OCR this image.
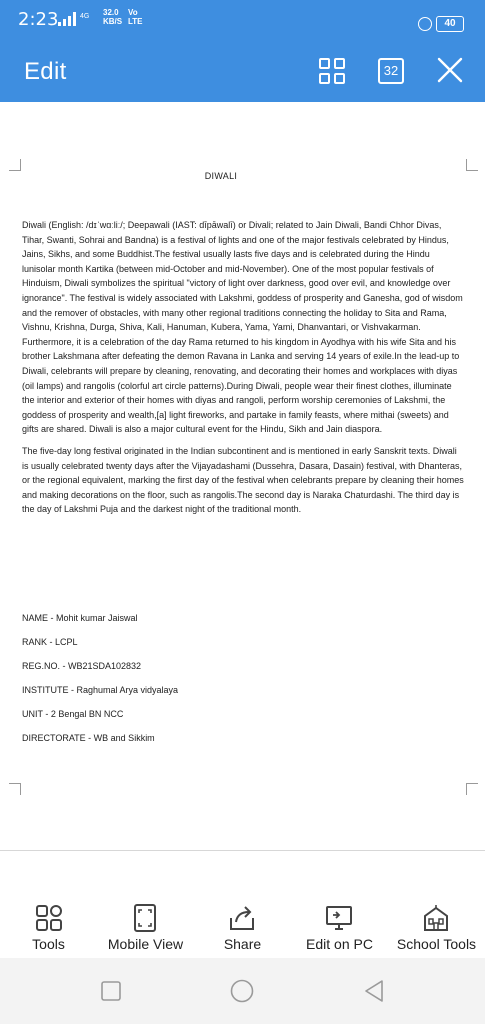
2:23	4G 32.0
KB/S
Vo
LTE	40
Edit	32
DIWALI

Diwali (English: /dɪˈwɑːliː/; Deepawali (IAST: dīpāwalī) or Divali; related to Jain Diwali, Bandi Chhor Divas, Tihar, Swanti, Sohrai and Bandna) is a festival of lights and one of the major festivals celebrated by Hindus, Jains, Sikhs, and some Buddhist.The festival usually lasts five days and is celebrated during the Hindu lunisolar month Kartika (between mid-October and mid-November). One of the most popular festivals of Hinduism, Diwali symbolizes the spiritual "victory of light over darkness, good over evil, and knowledge over ignorance". The festival is widely associated with Lakshmi, goddess of prosperity and Ganesha, god of wisdom and the remover of obstacles, with many other regional traditions connecting the holiday to Sita and Rama, Vishnu, Krishna, Durga, Shiva, Kali, Hanuman, Kubera, Yama, Yami, Dhanvantari, or Vishvakarman. Furthermore, it is a celebration of the day Rama returned to his kingdom in Ayodhya with his wife Sita and his brother Lakshmana after defeating the demon Ravana in Lanka and serving 14 years of exile.In the lead-up to Diwali, celebrants will prepare by cleaning, renovating, and decorating their homes and workplaces with diyas (oil lamps) and rangolis (colorful art circle patterns).During Diwali, people wear their finest clothes, illuminate the interior and exterior of their homes with diyas and rangoli, perform worship ceremonies of Lakshmi, the goddess of prosperity and wealth,[a] light fireworks, and partake in family feasts, where mithai (sweets) and gifts are shared. Diwali is also a major cultural event for the Hindu, Sikh and Jain diaspora.

The five-day long festival originated in the Indian subcontinent and is mentioned in early Sanskrit texts. Diwali is usually celebrated twenty days after the Vijayadashami (Dussehra, Dasara, Dasain) festival, with Dhanteras, or the regional equivalent, marking the first day of the festival when celebrants prepare by cleaning their homes and making decorations on the floor, such as rangolis.The second day is Naraka Chaturdashi. The third day is the day of Lakshmi Puja and the darkest night of the traditional month.

NAME - Mohit kumar Jaiswal
RANK - LCPL
REG.NO. - WB21SDA102832
INSTITUTE - Raghumal Arya vidyalaya
UNIT - 2 Bengal BN NCC
DIRECTORATE - WB and Sikkim
Tools	Mobile View	Share	Edit on PC	School Tools
